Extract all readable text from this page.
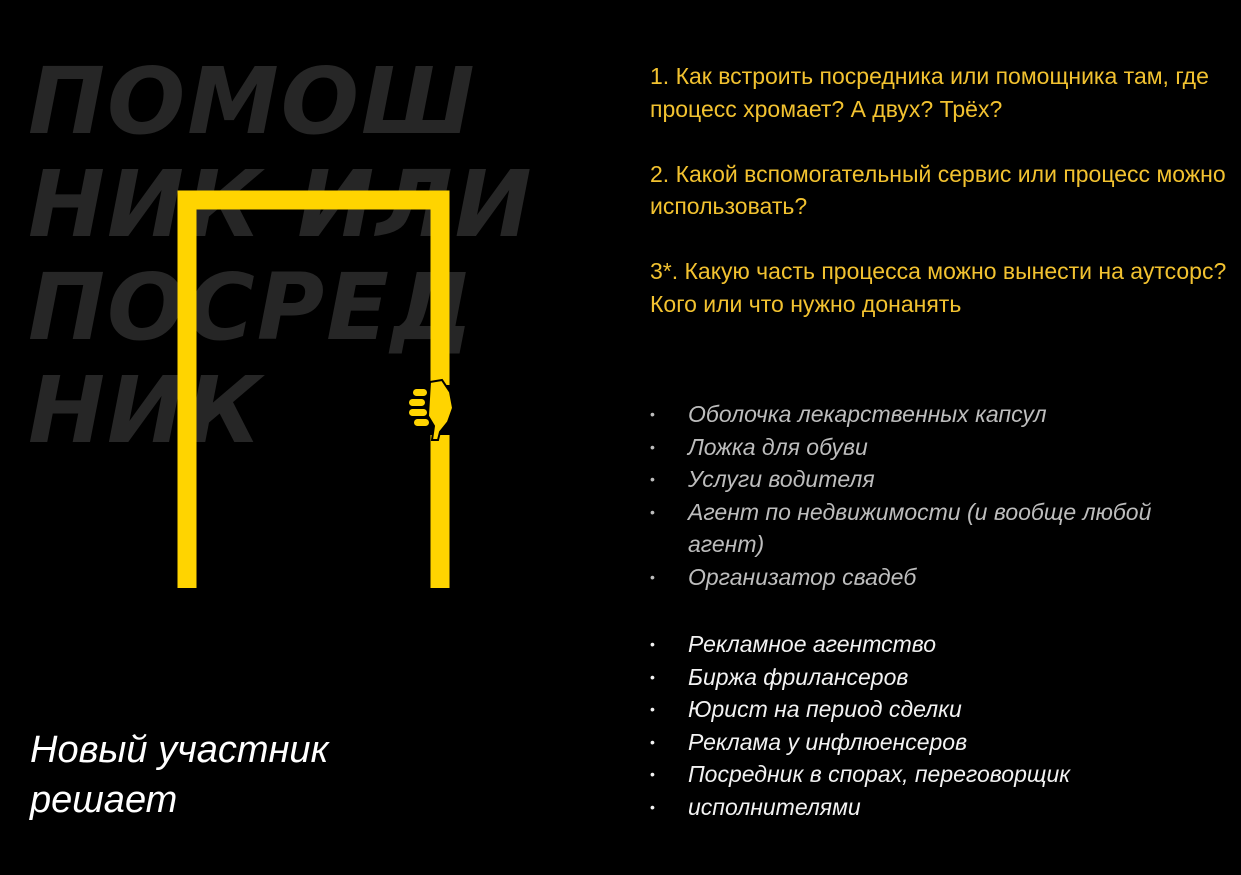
ПОМОШ
НИК ИЛИ
ПОСРЕД
НИК

1. Как встроить посредника или помощника там, где процесс хромает? А двух? Трёх?

2. Какой вспомогательный сервис или процесс можно использовать?

3*. Какую часть процесса можно вынести на аутсорс? Кого или что нужно донанять

• Оболочка лекарственных капсул
• Ложка для обуви
• Услуги водителя
• Агент по недвижимости (и вообще любой агент)
• Организатор свадеб
• Рекламное агентство
• Биржа фрилансеров
• Юрист на период сделки
• Реклама у инфлюенсеров
• Посредник в спорах, переговорщик
• исполнителями
Новый участник решает
